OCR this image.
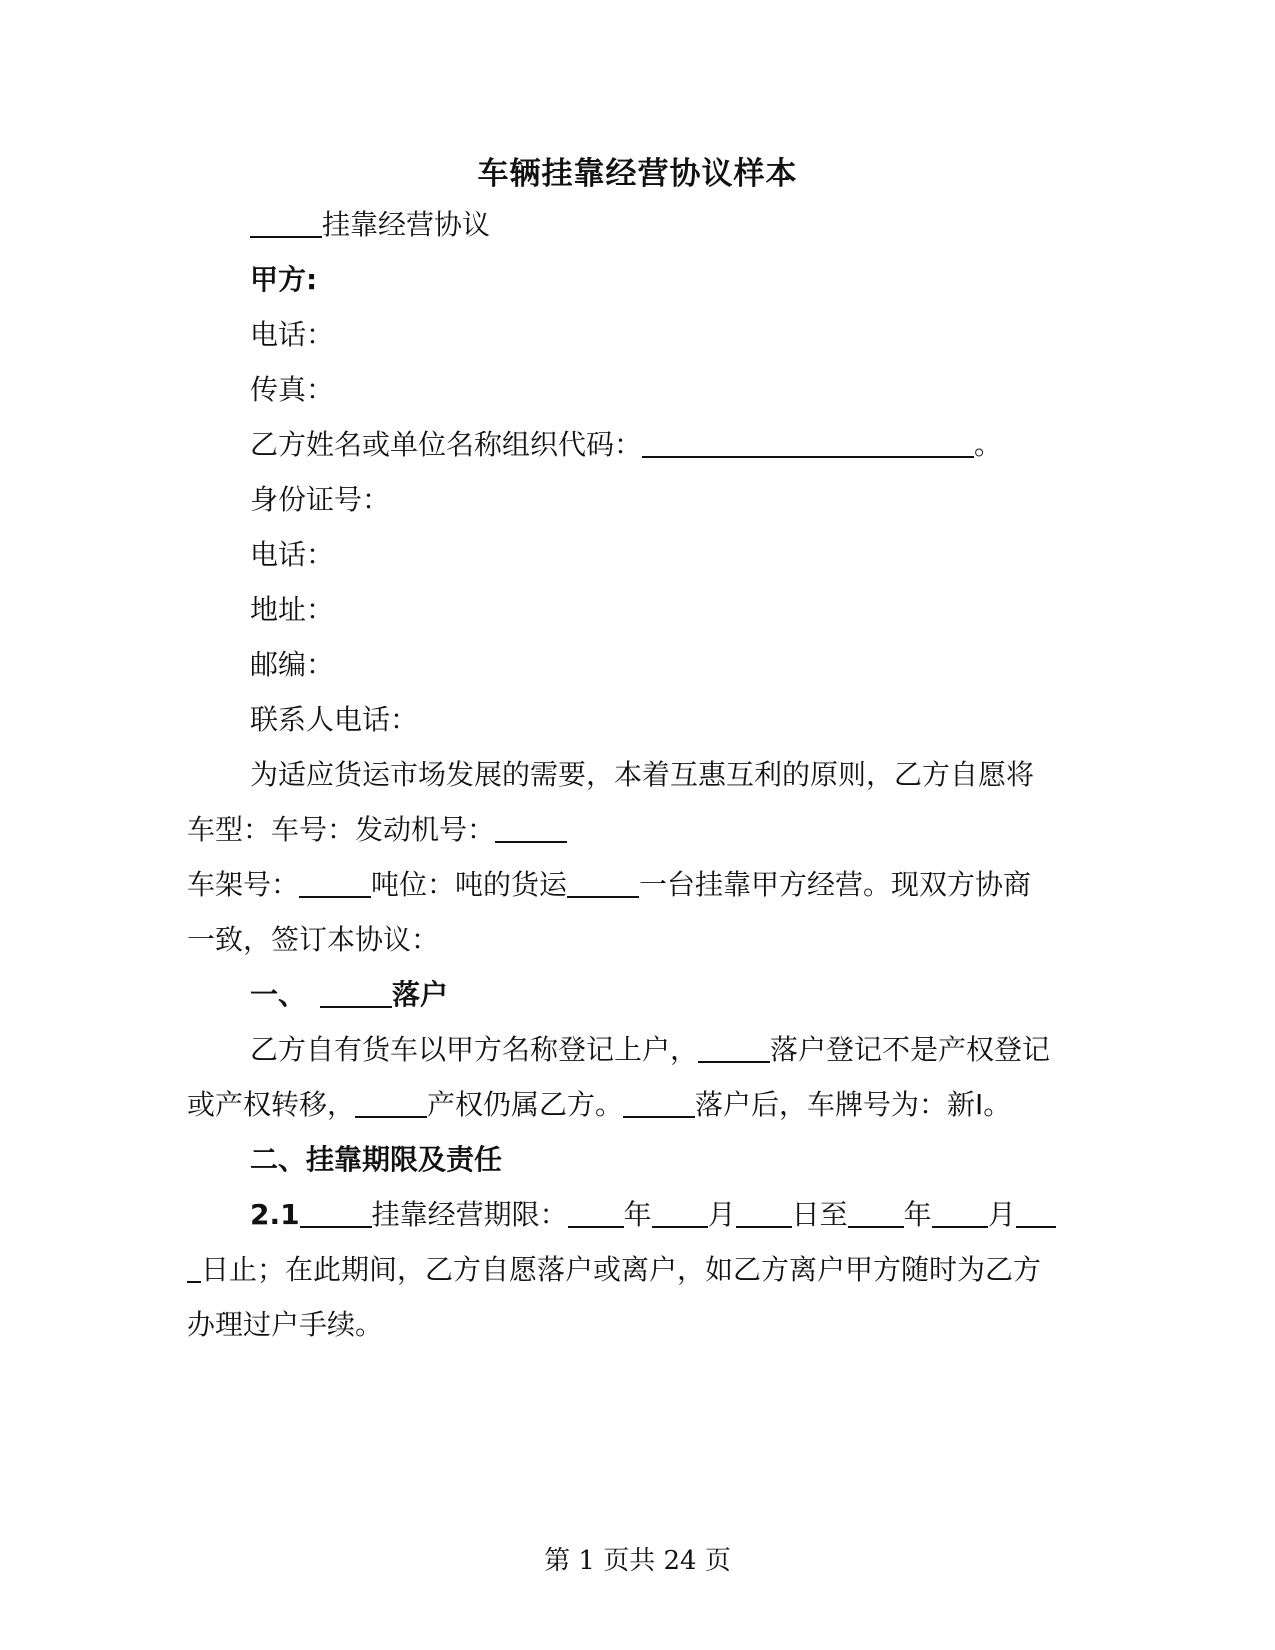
车辆挂靠经营协议样本
挂靠经营协议
甲方:
电话：
传真：
乙方姓名或单位名称组织代码：	。
身份证号：
电话：
地址：
邮编：
联系人电话：
为适应货运市场发展的需要，本着互惠互利的原则，乙方自愿将
车型：车号：发动机号：
车架号：	吨位：吨的货运	一台挂靠甲方经营。现双方协商
一致，签订本协议：
一、	落户
乙方自有货车以甲方名称登记上户，	落户登记不是产权登记
或产权转移，	产权仍属乙方。	落户后，车牌号为：新Ⅰ。
二、挂靠期限及责任
2.1	挂靠经营期限： 年 月 日至 年 月
日止；在此期间，乙方自愿落户或离户，如乙方离户甲方随时为乙方
办理过户手续。
第 1 页共 24 页
